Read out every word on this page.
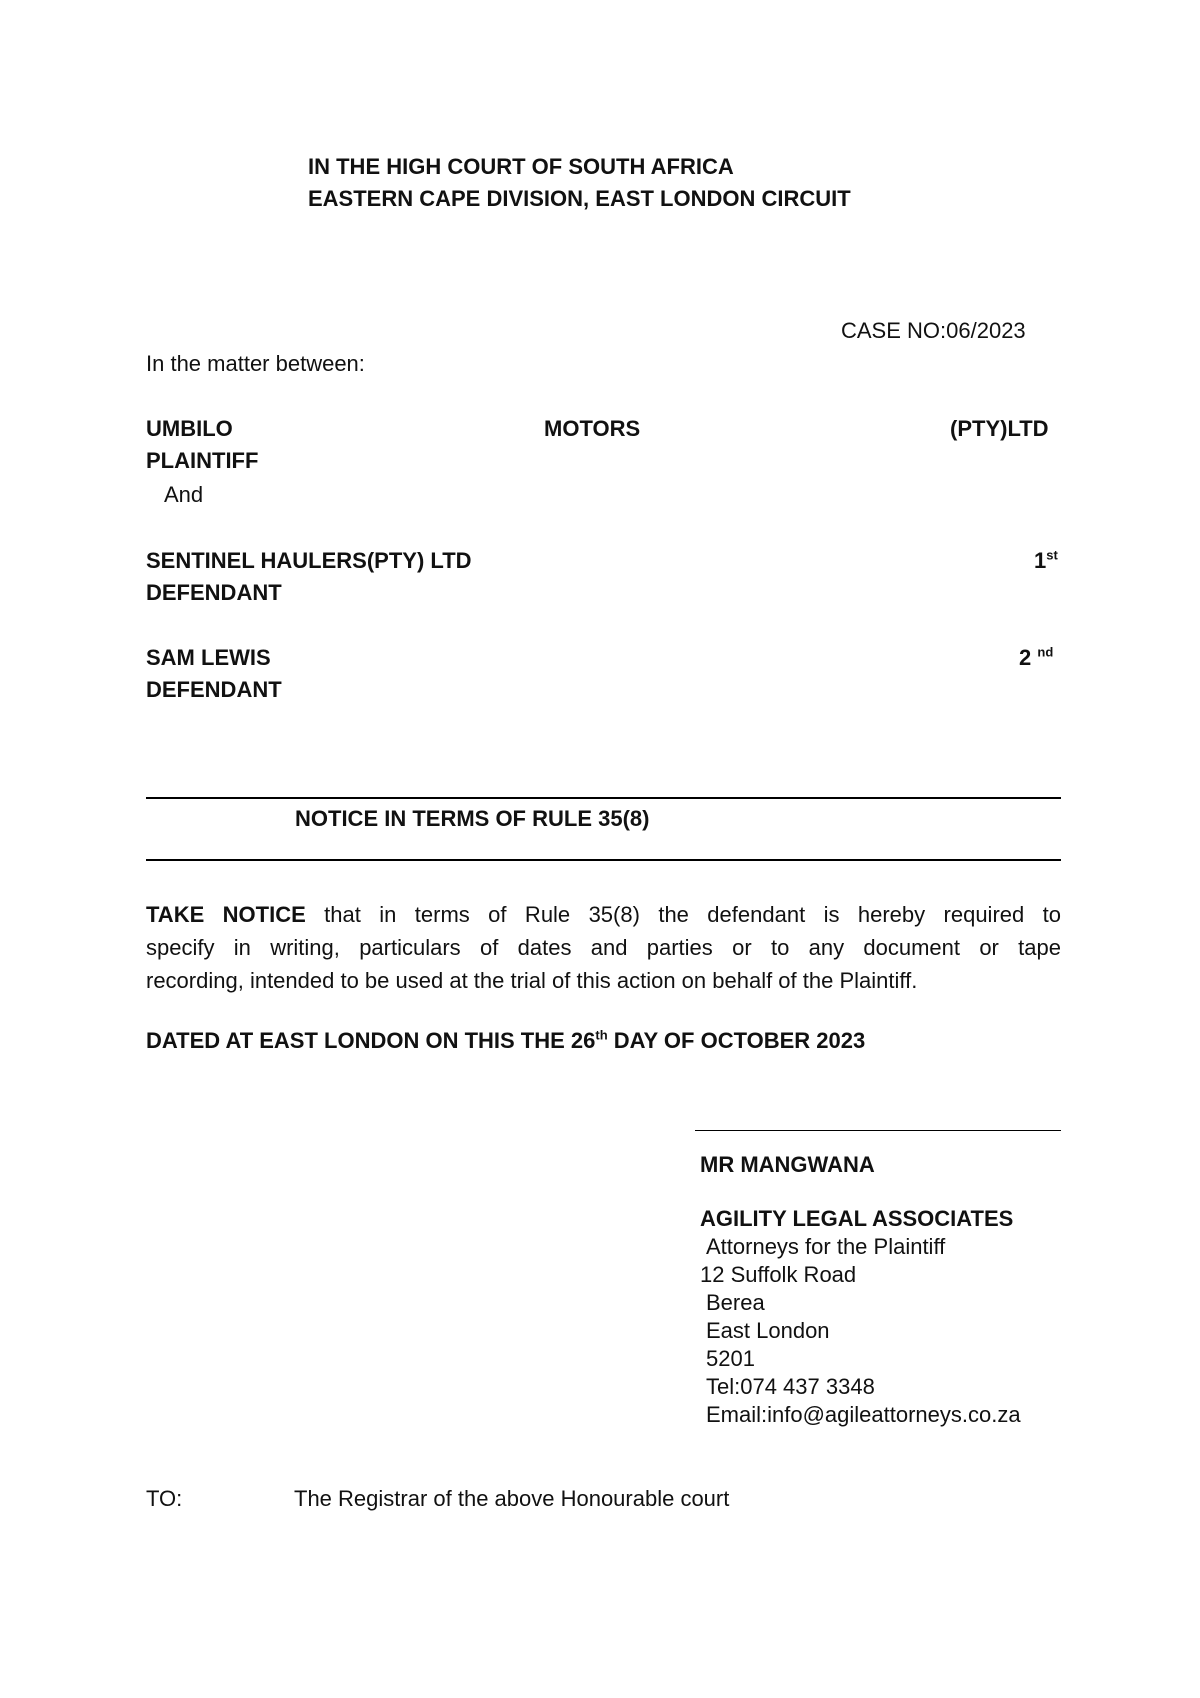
IN THE HIGH COURT OF SOUTH AFRICA
EASTERN CAPE DIVISION, EAST LONDON CIRCUIT
CASE NO:06/2023
In the matter between:
UMBILO	MOTORS	(PTY)LTD
PLAINTIFF
And
SENTINEL HAULERS(PTY) LTD	1st
DEFENDANT
SAM LEWIS	2 $^{nd}$
DEFENDANT
NOTICE IN TERMS OF RULE 35(8)
TAKE NOTICE that in terms of Rule 35(8) the defendant is hereby required to
specify in writing, particulars of dates and parties or to any document or tape
recording, intended to be used at the trial of this action on behalf of the Plaintiff.
DATED AT EAST LONDON ON THIS THE 26th DAY OF OCTOBER 2023
MR MANGWANA
AGILITY LEGAL ASSOCIATES
Attorneys for the Plaintiff
12 Suffolk Road
Berea
East London
5201
Tel:074 437 3348
Email:info@agileattorneys.co.za
TO:	The Registrar of the above Honourable court
